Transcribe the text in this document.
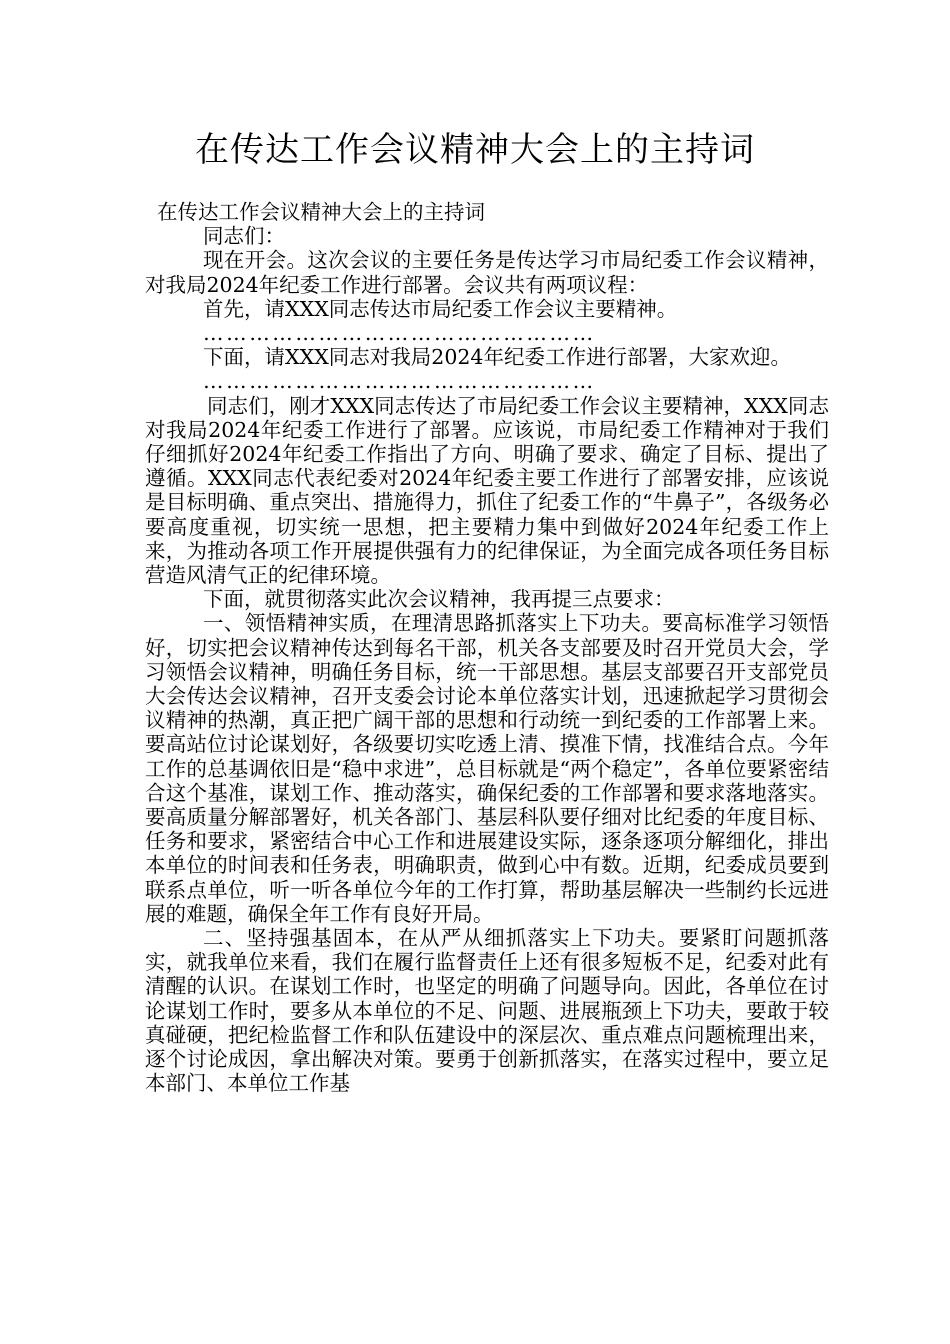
在传达工作会议精神大会上的主持词

在传达工作会议精神大会上的主持词

同志们：

现在开会。这次会议的主要任务是传达学习市局纪委工作会议精神，对我局2024年纪委工作进行部署。会议共有两项议程：

首先，请XXX同志传达市局纪委工作会议主要精神。

……………………………………………

下面，请XXX同志对我局2024年纪委工作进行部署，大家欢迎。

……………………………………………

同志们，刚才XXX同志传达了市局纪委工作会议主要精神，XXX同志对我局2024年纪委工作进行了部署。应该说，市局纪委工作精神对于我们仔细抓好2024年纪委工作指出了方向、明确了要求、确定了目标、提出了遵循。XXX同志代表纪委对2024年纪委主要工作进行了部署安排，应该说是目标明确、重点突出、措施得力，抓住了纪委工作的“牛鼻子”，各级务必要高度重视，切实统一思想，把主要精力集中到做好2024年纪委工作上来，为推动各项工作开展提供强有力的纪律保证，为全面完成各项任务目标营造风清气正的纪律环境。

下面，就贯彻落实此次会议精神，我再提三点要求：

一、领悟精神实质，在理清思路抓落实上下功夫。要高标准学习领悟好，切实把会议精神传达到每名干部，机关各支部要及时召开党员大会，学习领悟会议精神，明确任务目标，统一干部思想。基层支部要召开支部党员大会传达会议精神，召开支委会讨论本单位落实计划，迅速掀起学习贯彻会议精神的热潮，真正把广阔干部的思想和行动统一到纪委的工作部署上来。要高站位讨论谋划好，各级要切实吃透上清、摸准下情，找准结合点。今年工作的总基调依旧是“稳中求进”，总目标就是“两个稳定”，各单位要紧密结合这个基准，谋划工作、推动落实，确保纪委的工作部署和要求落地落实。要高质量分解部署好，机关各部门、基层科队要仔细对比纪委的年度目标、任务和要求，紧密结合中心工作和进展建设实际，逐条逐项分解细化，排出本单位的时间表和任务表，明确职责，做到心中有数。近期，纪委成员要到联系点单位，听一听各单位今年的工作打算，帮助基层解决一些制约长远进展的难题，确保全年工作有良好开局。

二、坚持强基固本，在从严从细抓落实上下功夫。要紧盯问题抓落实，就我单位来看，我们在履行监督责任上还有很多短板不足，纪委对此有清醒的认识。在谋划工作时，也坚定的明确了问题导向。因此，各单位在讨论谋划工作时，要多从本单位的不足、问题、进展瓶颈上下功夫，要敢于较真碰硬，把纪检监督工作和队伍建设中的深层次、重点难点问题梳理出来，逐个讨论成因，拿出解决对策。要勇于创新抓落实，在落实过程中，要立足本部门、本单位工作基
